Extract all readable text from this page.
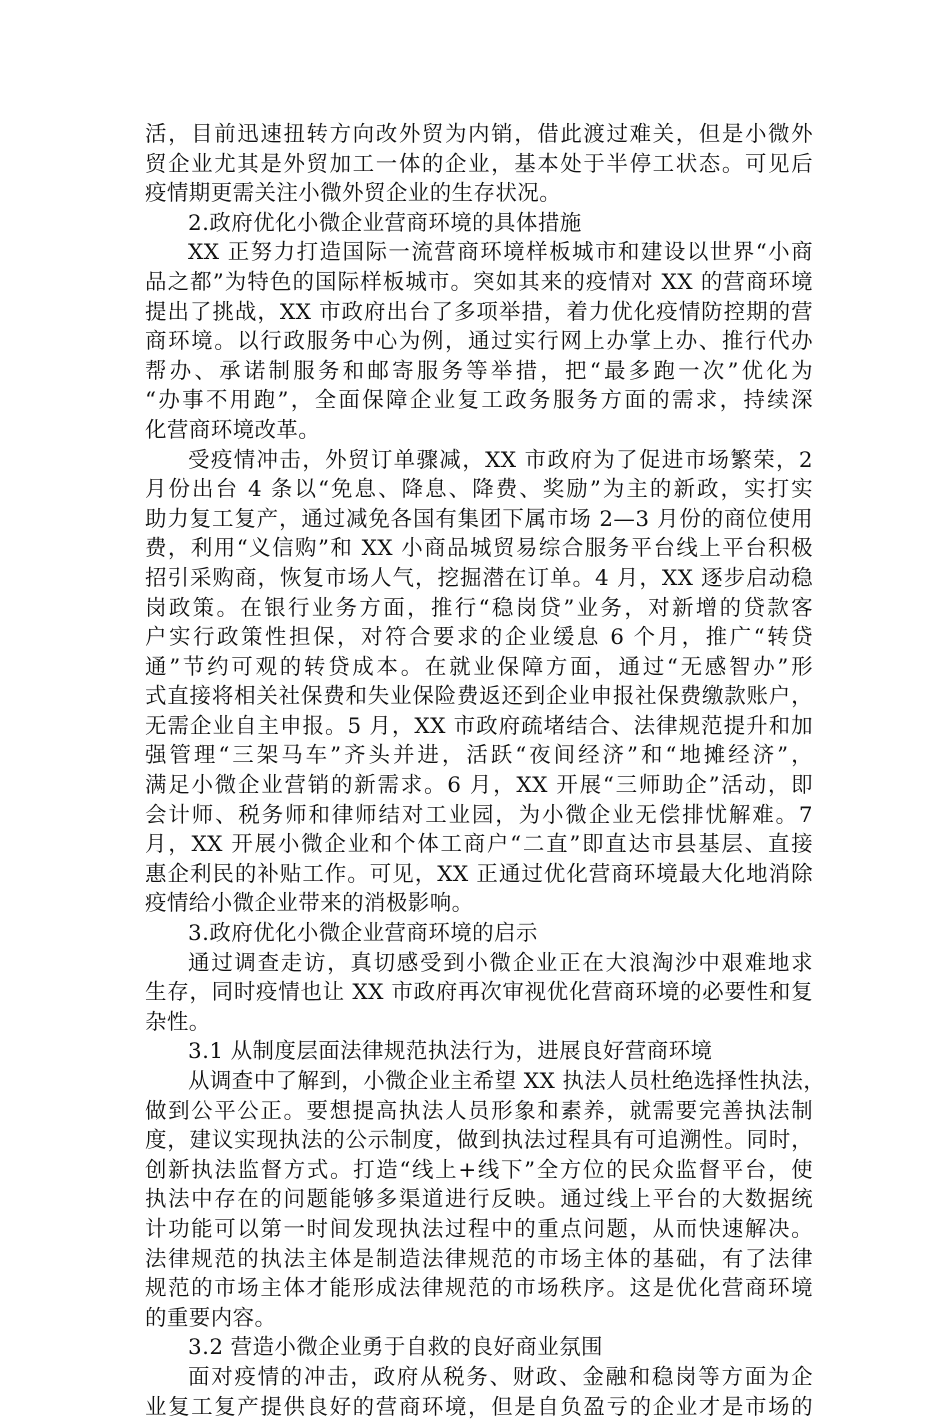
活，目前迅速扭转方向改外贸为内销，借此渡过难关，但是小微外
贸企业尤其是外贸加工一体的企业，基本处于半停工状态。可见后
疫情期更需关注小微外贸企业的生存状况。
2.政府优化小微企业营商环境的具体措施
XX 正努力打造国际一流营商环境样板城市和建设以世界“小商
品之都”为特色的国际样板城市。突如其来的疫情对 XX 的营商环境
提出了挑战，XX 市政府出台了多项举措，着力优化疫情防控期的营
商环境。以行政服务中心为例，通过实行网上办掌上办、推行代办
帮办、承诺制服务和邮寄服务等举措，把“最多跑一次”优化为
“办事不用跑”，全面保障企业复工政务服务方面的需求，持续深
化营商环境改革。
受疫情冲击，外贸订单骤减，XX 市政府为了促进市场繁荣，2
月份出台 4 条以“免息、降息、降费、奖励”为主的新政，实打实
助力复工复产，通过减免各国有集团下属市场 2—3 月份的商位使用
费，利用“义信购”和 XX 小商品城贸易综合服务平台线上平台积极
招引采购商，恢复市场人气，挖掘潜在订单。4 月，XX 逐步启动稳
岗政策。在银行业务方面，推行“稳岗贷”业务，对新增的贷款客
户实行政策性担保，对符合要求的企业缓息 6 个月，推广“转贷
通”节约可观的转贷成本。在就业保障方面，通过“无感智办”形
式直接将相关社保费和失业保险费返还到企业申报社保费缴款账户，
无需企业自主申报。5 月，XX 市政府疏堵结合、法律规范提升和加
强管理“三架马车”齐头并进，活跃“夜间经济”和“地摊经济”，
满足小微企业营销的新需求。6 月，XX 开展“三师助企”活动，即
会计师、税务师和律师结对工业园，为小微企业无偿排忧解难。7
月，XX 开展小微企业和个体工商户“二直”即直达市县基层、直接
惠企利民的补贴工作。可见，XX 正通过优化营商环境最大化地消除
疫情给小微企业带来的消极影响。
3.政府优化小微企业营商环境的启示
通过调查走访，真切感受到小微企业正在大浪淘沙中艰难地求
生存，同时疫情也让 XX 市政府再次审视优化营商环境的必要性和复
杂性。
3.1 从制度层面法律规范执法行为，进展良好营商环境
从调查中了解到，小微企业主希望 XX 执法人员杜绝选择性执法，
做到公平公正。要想提高执法人员形象和素养，就需要完善执法制
度，建议实现执法的公示制度，做到执法过程具有可追溯性。同时，
创新执法监督方式。打造“线上+线下”全方位的民众监督平台，使
执法中存在的问题能够多渠道进行反映。通过线上平台的大数据统
计功能可以第一时间发现执法过程中的重点问题，从而快速解决。
法律规范的执法主体是制造法律规范的市场主体的基础，有了法律
规范的市场主体才能形成法律规范的市场秩序。这是优化营商环境
的重要内容。
3.2 营造小微企业勇于自救的良好商业氛围
面对疫情的冲击，政府从税务、财政、金融和稳岗等方面为企
业复工复产提供良好的营商环境，但是自负盈亏的企业才是市场的
